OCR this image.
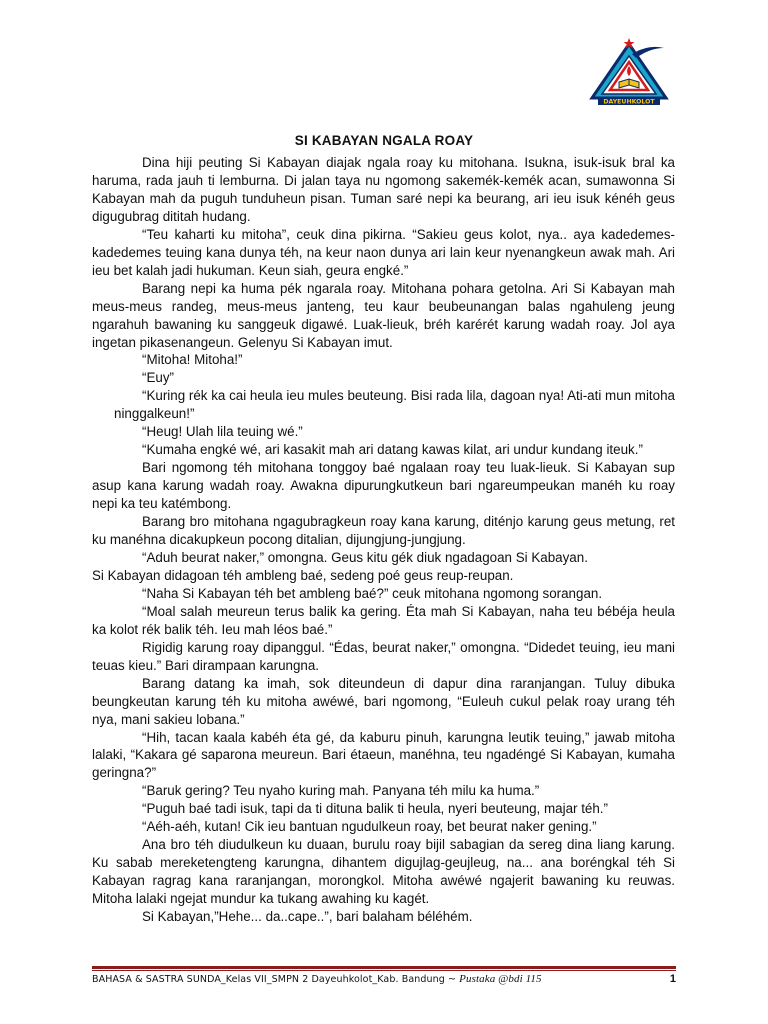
DAYEUHKOLOT
SI KABAYAN NGALA ROAY

Dina hiji peuting Si Kabayan diajak ngala roay ku mitohana. Isukna, isuk-isuk bral ka haruma, rada jauh ti lemburna. Di jalan taya nu ngomong sakemék-kemék acan, sumawonna Si Kabayan mah da puguh tunduheun pisan. Tuman saré nepi ka beurang, ari ieu isuk kénéh geus digugubrag dititah hudang.

“Teu kaharti ku mitoha”, ceuk dina pikirna. “Sakieu geus kolot, nya.. aya kadedemes-kadedemes teuing kana dunya téh, na keur naon dunya ari lain keur nyenangkeun awak mah. Ari ieu bet kalah jadi hukuman. Keun siah, geura engké.”

Barang nepi ka huma pék ngarala roay. Mitohana pohara getolna. Ari Si Kabayan mah meus-meus randeg, meus-meus janteng, teu kaur beubeunangan balas ngahuleng jeung ngarahuh bawaning ku sanggeuk digawé. Luak-lieuk, bréh karérét karung wadah roay. Jol aya ingetan pikasenangeun. Gelenyu Si Kabayan imut.

“Mitoha! Mitoha!”

“Euy”

“Kuring rék ka cai heula ieu mules beuteung. Bisi rada lila, dagoan nya! Ati-ati mun mitoha ninggalkeun!”

“Heug! Ulah lila teuing wé.”

“Kumaha engké wé, ari kasakit mah ari datang kawas kilat, ari undur kundang iteuk.”

Bari ngomong téh mitohana tonggoy baé ngalaan roay teu luak-lieuk. Si Kabayan sup asup kana karung wadah roay. Awakna dipurungkutkeun bari ngareumpeukan manéh ku roay nepi ka teu katémbong.

Barang bro mitohana ngagubragkeun roay kana karung, diténjo karung geus metung, ret ku manéhna dicakupkeun pocong ditalian, dijungjung-jungjung.

“Aduh beurat naker,” omongna. Geus kitu gék diuk ngadagoan Si Kabayan.

Si Kabayan didagoan téh ambleng baé, sedeng poé geus reup-reupan.

“Naha Si Kabayan téh bet ambleng baé?” ceuk mitohana ngomong sorangan.

“Moal salah meureun terus balik ka gering. Éta mah Si Kabayan, naha teu bébéja heula ka kolot rék balik téh. Ieu mah léos baé.”

Rigidig karung roay dipanggul. “Édas, beurat naker,” omongna. “Didedet teuing, ieu mani teuas kieu.” Bari dirampaan karungna.

Barang datang ka imah, sok diteundeun di dapur dina raranjangan. Tuluy dibuka beungkeutan karung téh ku mitoha awéwé, bari ngomong, “Euleuh cukul pelak roay urang téh nya, mani sakieu lobana.”

“Hih, tacan kaala kabéh éta gé, da kaburu pinuh, karungna leutik teuing,” jawab mitoha lalaki, “Kakara gé saparona meureun. Bari étaeun, manéhna, teu ngadéngé Si Kabayan, kumaha geringna?”

“Baruk gering? Teu nyaho kuring mah. Panyana téh milu ka huma.”

“Puguh baé tadi isuk, tapi da ti dituna balik ti heula, nyeri beuteung, majar téh.”

“Aéh-aéh, kutan! Cik ieu bantuan ngudulkeun roay, bet beurat naker gening.”

Ana bro téh diudulkeun ku duaan, burulu roay bijil sabagian da sereg dina liang karung. Ku sabab mereketengteng karungna, dihantem digujlag-geujleug, na... ana boréngkal téh Si Kabayan ragrag kana raranjangan, morongkol. Mitoha awéwé ngajerit bawaning ku reuwas. Mitoha lalaki ngejat mundur ka tukang awahing ku kagét.

Si Kabayan,”Hehe... da..cape..”, bari balaham béléhém.

BAHASA & SASTRA SUNDA_Kelas VII_SMPN 2 Dayeuhkolot_Kab. Bandung ~ Pustaka @bdi 115	1
